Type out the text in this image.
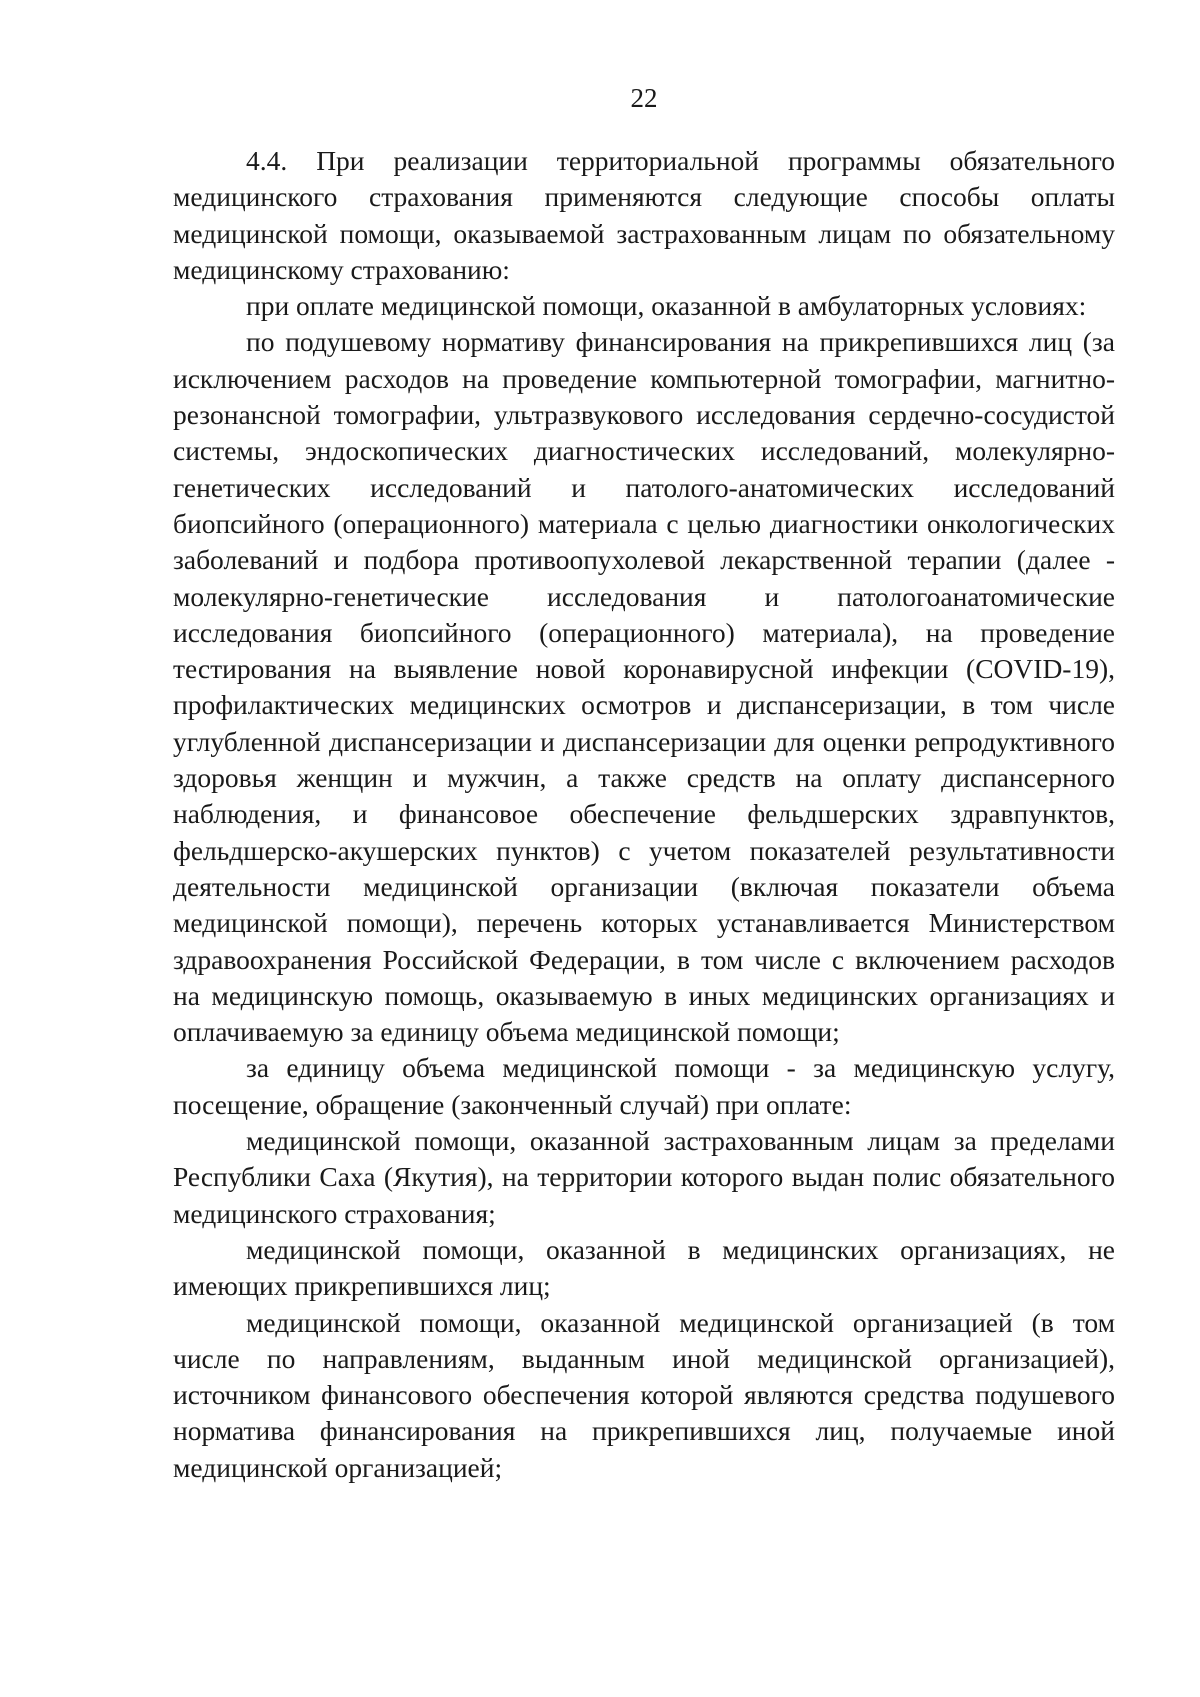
22

4.4. При реализации территориальной программы обязательного медицинского страхования применяются следующие способы оплаты медицинской помощи, оказываемой застрахованным лицам по обязательному медицинскому страхованию:

при оплате медицинской помощи, оказанной в амбулаторных условиях:

по подушевому нормативу финансирования на прикрепившихся лиц (за исключением расходов на проведение компьютерной томографии, магнитно-резонансной томографии, ультразвукового исследования сердечно-сосудистой системы, эндоскопических диагностических исследований, молекулярно-генетических исследований и патолого-анатомических исследований биопсийного (операционного) материала с целью диагностики онкологических заболеваний и подбора противоопухолевой лекарственной терапии (далее - молекулярно-генетические исследования и патологоанатомические исследования биопсийного (операционного) материала), на проведение тестирования на выявление новой коронавирусной инфекции (COVID-19), профилактических медицинских осмотров и диспансеризации, в том числе углубленной диспансеризации и диспансеризации для оценки репродуктивного здоровья женщин и мужчин, а также средств на оплату диспансерного наблюдения, и финансовое обеспечение фельдшерских здравпунктов, фельдшерско-акушерских пунктов) с учетом показателей результативности деятельности медицинской организации (включая показатели объема медицинской помощи), перечень которых устанавливается Министерством здравоохранения Российской Федерации, в том числе с включением расходов на медицинскую помощь, оказываемую в иных медицинских организациях и оплачиваемую за единицу объема медицинской помощи;

за единицу объема медицинской помощи - за медицинскую услугу, посещение, обращение (законченный случай) при оплате:

медицинской помощи, оказанной застрахованным лицам за пределами Республики Саха (Якутия), на территории которого выдан полис обязательного медицинского страхования;

медицинской помощи, оказанной в медицинских организациях, не имеющих прикрепившихся лиц;

медицинской помощи, оказанной медицинской организацией (в том числе по направлениям, выданным иной медицинской организацией), источником финансового обеспечения которой являются средства подушевого норматива финансирования на прикрепившихся лиц, получаемые иной медицинской организацией;
